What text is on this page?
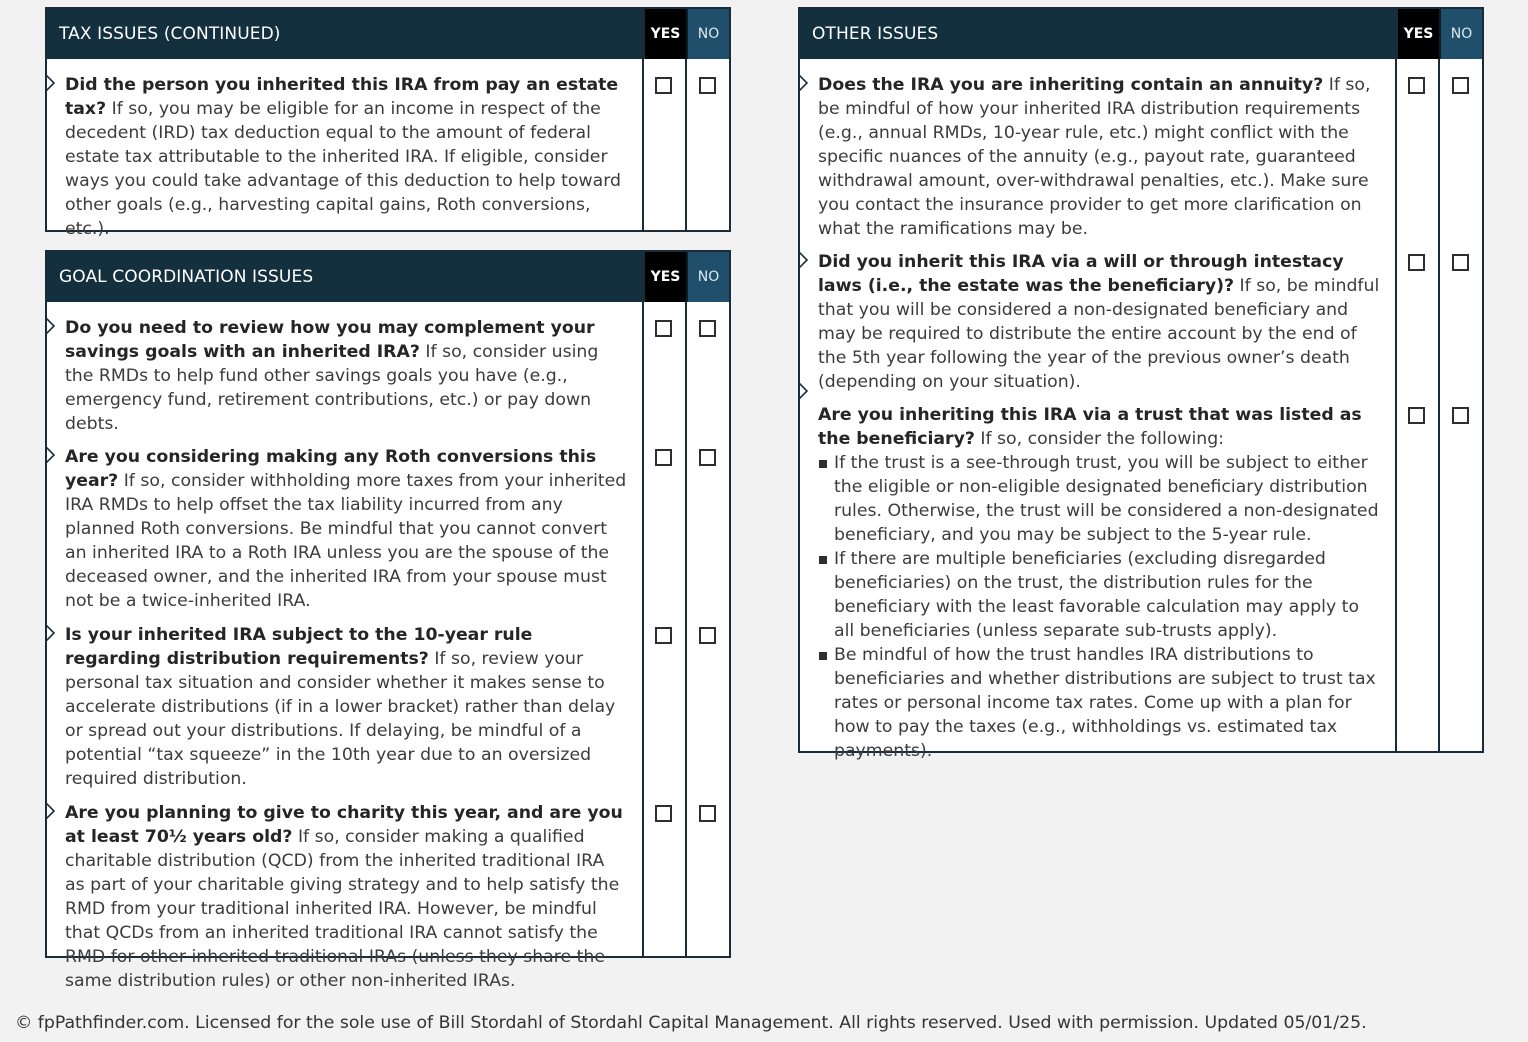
TAX ISSUES (CONTINUED)	YES	NO
Did the person you inherited this IRA from pay an estate tax? If so, you may be eligible for an income in respect of the decedent (IRD) tax deduction equal to the amount of federal estate tax attributable to the inherited IRA. If eligible, consider ways you could take advantage of this deduction to help toward other goals (e.g., harvesting capital gains, Roth conversions, etc.).
GOAL COORDINATION ISSUES	YES	NO
Do you need to review how you may complement your savings goals with an inherited IRA? If so, consider using the RMDs to help fund other savings goals you have (e.g., emergency fund, retirement contributions, etc.) or pay down debts.
Are you considering making any Roth conversions this year? If so, consider withholding more taxes from your inherited IRA RMDs to help offset the tax liability incurred from any planned Roth conversions. Be mindful that you cannot convert an inherited IRA to a Roth IRA unless you are the spouse of the deceased owner, and the inherited IRA from your spouse must not be a twice-inherited IRA.
Is your inherited IRA subject to the 10-year rule regarding distribution requirements? If so, review your personal tax situation and consider whether it makes sense to accelerate distributions (if in a lower bracket) rather than delay or spread out your distributions. If delaying, be mindful of a potential “tax squeeze” in the 10th year due to an oversized required distribution.
Are you planning to give to charity this year, and are you at least 70½ years old? If so, consider making a qualified charitable distribution (QCD) from the inherited traditional IRA as part of your charitable giving strategy and to help satisfy the RMD from your traditional inherited IRA. However, be mindful that QCDs from an inherited traditional IRA cannot satisfy the RMD for other inherited traditional IRAs (unless they share the same distribution rules) or other non-inherited IRAs.
OTHER ISSUES	YES	NO
Does the IRA you are inheriting contain an annuity? If so, be mindful of how your inherited IRA distribution requirements (e.g., annual RMDs, 10-year rule, etc.) might conflict with the specific nuances of the annuity (e.g., payout rate, guaranteed withdrawal amount, over-withdrawal penalties, etc.). Make sure you contact the insurance provider to get more clarification on what the ramifications may be.
Did you inherit this IRA via a will or through intestacy laws (i.e., the estate was the beneficiary)? If so, be mindful that you will be considered a non-designated beneficiary and may be required to distribute the entire account by the end of the 5th year following the year of the previous owner’s death (depending on your situation).
Are you inheriting this IRA via a trust that was listed as the beneficiary? If so, consider the following:
If the trust is a see-through trust, you will be subject to either the eligible or non-eligible designated beneficiary distribution rules. Otherwise, the trust will be considered a non-designated beneficiary, and you may be subject to the 5-year rule.
If there are multiple beneficiaries (excluding disregarded beneficiaries) on the trust, the distribution rules for the beneficiary with the least favorable calculation may apply to all beneficiaries (unless separate sub-trusts apply).
Be mindful of how the trust handles IRA distributions to beneficiaries and whether distributions are subject to trust tax rates or personal income tax rates. Come up with a plan for how to pay the taxes (e.g., withholdings vs. estimated tax payments).
© fpPathfinder.com. Licensed for the sole use of Bill Stordahl of Stordahl Capital Management. All rights reserved. Used with permission. Updated 05/01/25.
